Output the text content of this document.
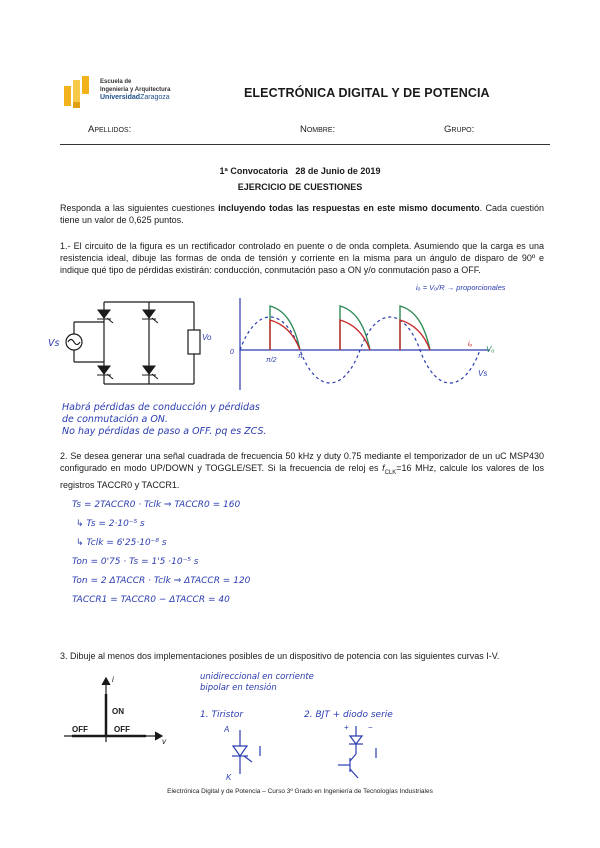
Escuela de
Ingeniería y Arquitectura
UniversidadZaragoza	ELECTRÓNICA DIGITAL Y DE POTENCIA
Apellidos:	Nombre:	Grupo:
1ª Convocatoria 28 de Junio de 2019
EJERCICIO DE CUESTIONES
Responda a las siguientes cuestiones incluyendo todas las respuestas en este mismo documento. Cada cuestión tiene un valor de 0,625 puntos.
1.- El circuito de la figura es un rectificador controlado en puente o de onda completa. Asumiendo que la carga es una resistencia ideal, dibuje las formas de onda de tensión y corriente en la misma para un ángulo de disparo de 90º e indique qué tipo de pérdidas existirán: conducción, conmutación paso a ON y/o conmutación paso a OFF.
Vs
Vo
iₒ = Vₒ/R → proporcionales
0
π/2
π
iₒ
Vₒ
Vs
Habrá pérdidas de conducción y pérdidas
de conmutación a ON.
No hay pérdidas de paso a OFF. pq es ZCS.
2. Se desea generar una señal cuadrada de frecuencia 50 kHz y duty 0.75 mediante el temporizador de un uC MSP430 configurado en modo UP/DOWN y TOGGLE/SET. Si la frecuencia de reloj es $f_{CLK}=16$ MHz, calcule los valores de los registros TACCR0 y TACCR1.
Ts = 2TACCR0 · Tclk ⇒ TACCR0 = 160
↳ Ts = 2·10⁻⁵ s
↳ Tclk = 6'25·10⁻⁸ s
Ton = 0'75 · Ts = 1'5 ·10⁻⁵ s
Ton = 2 ΔTACCR · Tclk ⇒ ΔTACCR = 120
TACCR1 = TACCR0 − ΔTACCR = 40
3. Dibuje al menos dos implementaciones posibles de un dispositivo de potencia con las siguientes curvas I-V.
i
v
ON
OFF	OFF
unidireccional en corriente
bipolar en tensión
1. Tiristor	2. BJT + diodo serie
A
K
+ −
Electrónica Digital y de Potencia – Curso 3º Grado en Ingeniería de Tecnologías Industriales
